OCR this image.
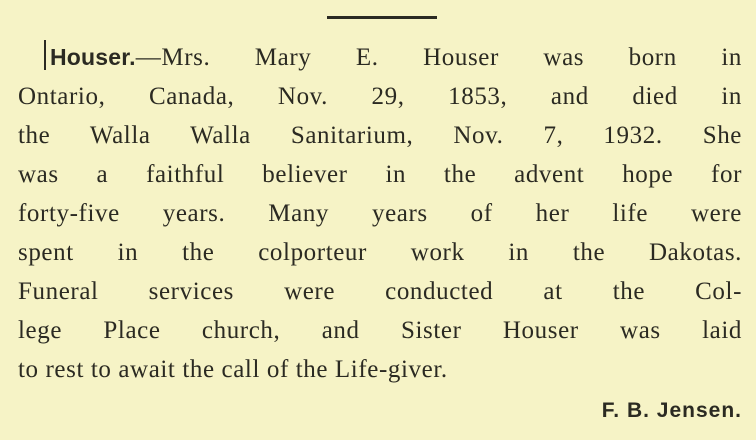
Houser.—Mrs. Mary E. Houser was born in
Ontario, Canada, Nov. 29, 1853, and died in
the Walla Walla Sanitarium, Nov. 7, 1932. She
was a faithful believer in the advent hope for
forty-five years. Many years of her life were
spent in the colporteur work in the Dakotas.
Funeral services were conducted at the Col-
lege Place church, and Sister Houser was laid
to rest to await the call of the Life-giver.
F. B. Jensen.
